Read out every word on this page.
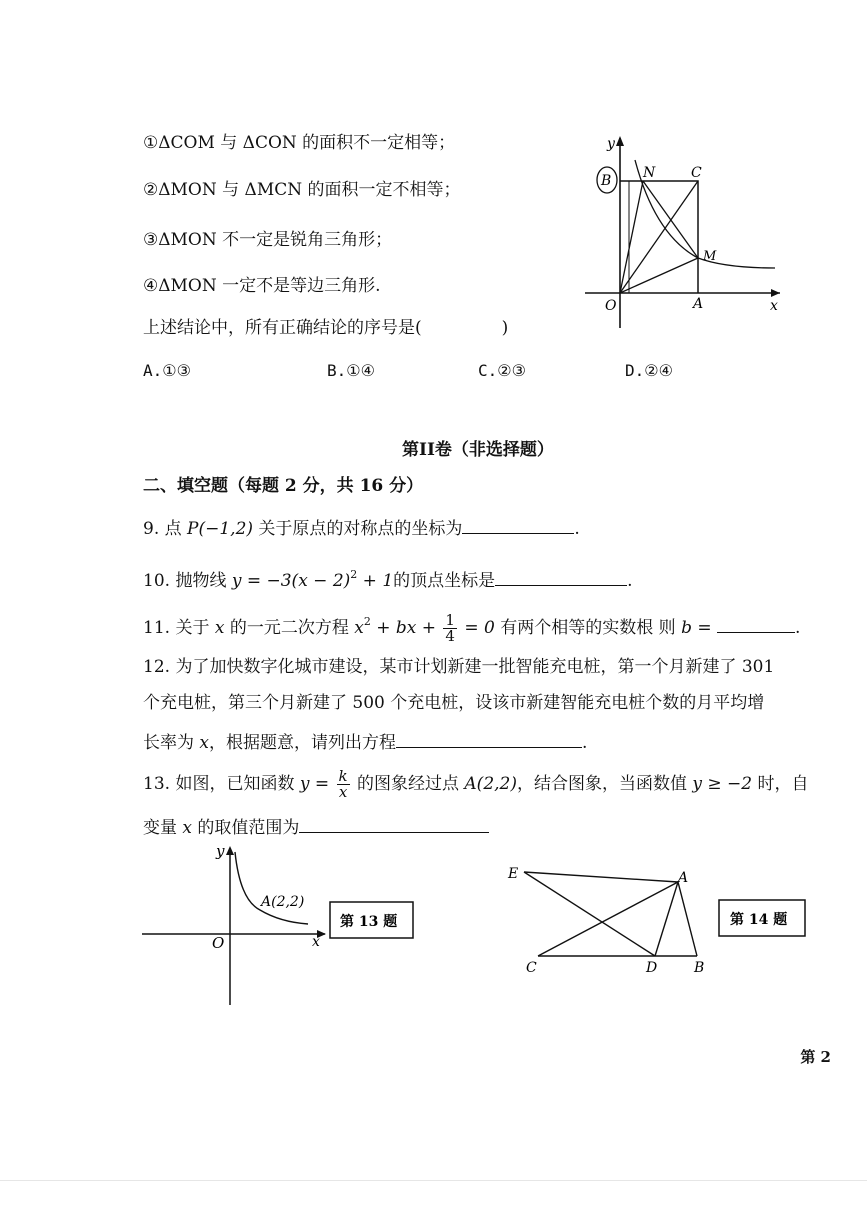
①ΔCOM 与 ΔCON 的面积不一定相等；
②ΔMON 与 ΔMCN 的面积一定不相等；
③ΔMON 不一定是锐角三角形；
④ΔMON 一定不是等边三角形.
上述结论中，所有正确结论的序号是(	)
A.①③	B.①④	C.②③	D.②④
y
x
B N	C
M
O	A
第II卷（非选择题）
二、填空题（每题 2 分，共 16 分）
9. 点 P(−1,2) 关于原点的对称点的坐标为	.
10. 抛物线 $y = -3(x - 2)^2 + 1$的顶点坐标是	.
11. 关于 x 的一元二次方程 $x^2$ + bx + $\frac{1}{4} = 0$ 有两个相等的实数根 则 b =	.
12. 为了加快数字化城市建设，某市计划新建一批智能充电桩，第一个月新建了 301
个充电桩，第三个月新建了 500 个充电桩，设该市新建智能充电桩个数的月平均增
长率为 x，根据题意，请列出方程	.
13. 如图，已知函数 $y = \frac{k}{x}$ 的图象经过点 A(2,2)，结合图象，当函数值 y ≥ −2 时，自
变量 x 的取值范围为
y
x
O
A(2,2)
第 13 题
E	A
C	D	B
第 14 题
第 2
